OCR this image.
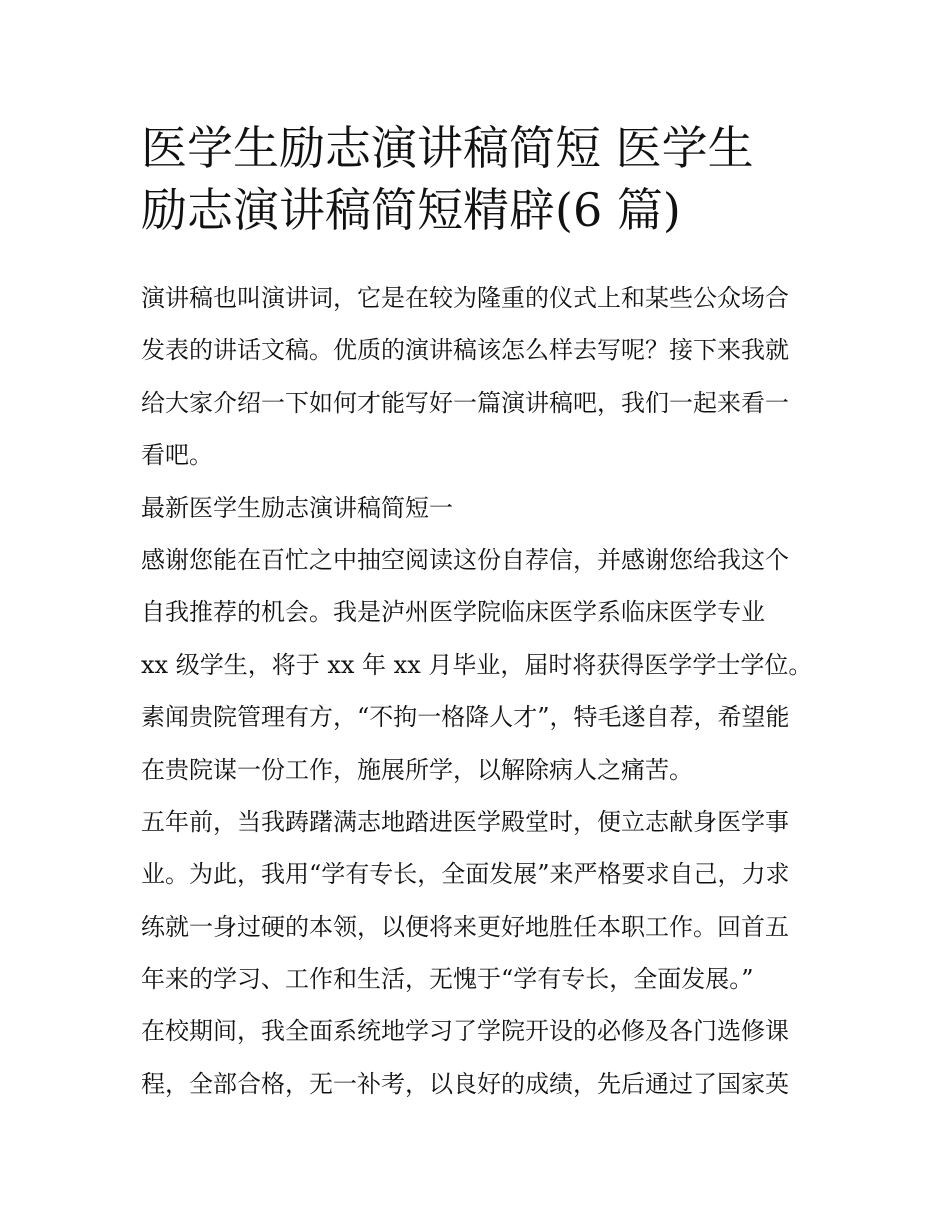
医学生励志演讲稿简短 医学生
励志演讲稿简短精辟(6 篇)
演讲稿也叫演讲词，它是在较为隆重的仪式上和某些公众场合
发表的讲话文稿。优质的演讲稿该怎么样去写呢？接下来我就
给大家介绍一下如何才能写好一篇演讲稿吧，我们一起来看一
看吧。
最新医学生励志演讲稿简短一
感谢您能在百忙之中抽空阅读这份自荐信，并感谢您给我这个
自我推荐的机会。我是泸州医学院临床医学系临床医学专业
xx 级学生，将于 xx 年 xx 月毕业，届时将获得医学学士学位。
素闻贵院管理有方，“不拘一格降人才”，特毛遂自荐，希望能
在贵院谋一份工作，施展所学，以解除病人之痛苦。
五年前，当我踌躇满志地踏进医学殿堂时，便立志献身医学事
业。为此，我用“学有专长，全面发展”来严格要求自己，力求
练就一身过硬的本领，以便将来更好地胜任本职工作。回首五
年来的学习、工作和生活，无愧于“学有专长，全面发展。”
在校期间，我全面系统地学习了学院开设的必修及各门选修课
程，全部合格，无一补考，以良好的成绩，先后通过了国家英
